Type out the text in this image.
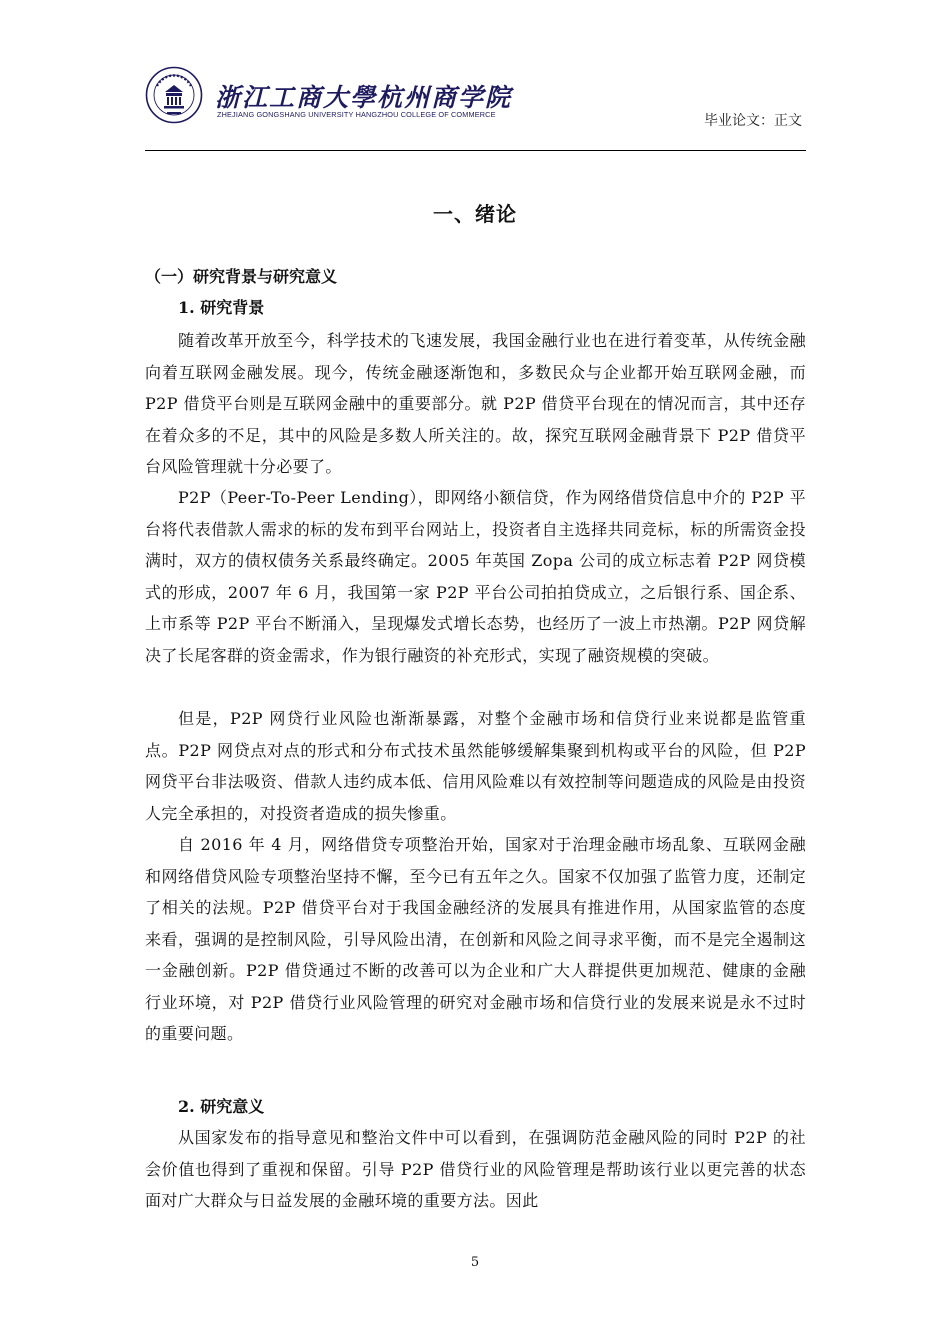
浙江工商大學杭州商学院
ZHEJIANG GONGSHANG UNIVERSITY HANGZHOU COLLEGE OF COMMERCE	毕业论文：正文
一、绪论
（一）研究背景与研究意义
1. 研究背景

随着改革开放至今，科学技术的飞速发展，我国金融行业也在进行着变革，从传统金融向着互联网金融发展。现今，传统金融逐渐饱和，多数民众与企业都开始互联网金融，而 P2P 借贷平台则是互联网金融中的重要部分。就 P2P 借贷平台现在的情况而言，其中还存在着众多的不足，其中的风险是多数人所关注的。故，探究互联网金融背景下 P2P 借贷平台风险管理就十分必要了。

P2P（Peer-To-Peer Lending），即网络小额信贷，作为网络借贷信息中介的 P2P 平台将代表借款人需求的标的发布到平台网站上，投资者自主选择共同竞标，标的所需资金投满时，双方的债权债务关系最终确定。2005 年英国 Zopa 公司的成立标志着 P2P 网贷模式的形成，2007 年 6 月，我国第一家 P2P 平台公司拍拍贷成立，之后银行系、国企系、上市系等 P2P 平台不断涌入，呈现爆发式增长态势，也经历了一波上市热潮。P2P 网贷解决了长尾客群的资金需求，作为银行融资的补充形式，实现了融资规模的突破。

但是，P2P 网贷行业风险也渐渐暴露，对整个金融市场和信贷行业来说都是监管重点。P2P 网贷点对点的形式和分布式技术虽然能够缓解集聚到机构或平台的风险，但 P2P 网贷平台非法吸资、借款人违约成本低、信用风险难以有效控制等问题造成的风险是由投资人完全承担的，对投资者造成的损失惨重。

自 2016 年 4 月，网络借贷专项整治开始，国家对于治理金融市场乱象、互联网金融和网络借贷风险专项整治坚持不懈，至今已有五年之久。国家不仅加强了监管力度，还制定了相关的法规。P2P 借贷平台对于我国金融经济的发展具有推进作用，从国家监管的态度来看，强调的是控制风险，引导风险出清，在创新和风险之间寻求平衡，而不是完全遏制这一金融创新。P2P 借贷通过不断的改善可以为企业和广大人群提供更加规范、健康的金融行业环境，对 P2P 借贷行业风险管理的研究对金融市场和信贷行业的发展来说是永不过时的重要问题。

2. 研究意义

从国家发布的指导意见和整治文件中可以看到，在强调防范金融风险的同时 P2P 的社会价值也得到了重视和保留。引导 P2P 借贷行业的风险管理是帮助该行业以更完善的状态面对广大群众与日益发展的金融环境的重要方法。因此

5
